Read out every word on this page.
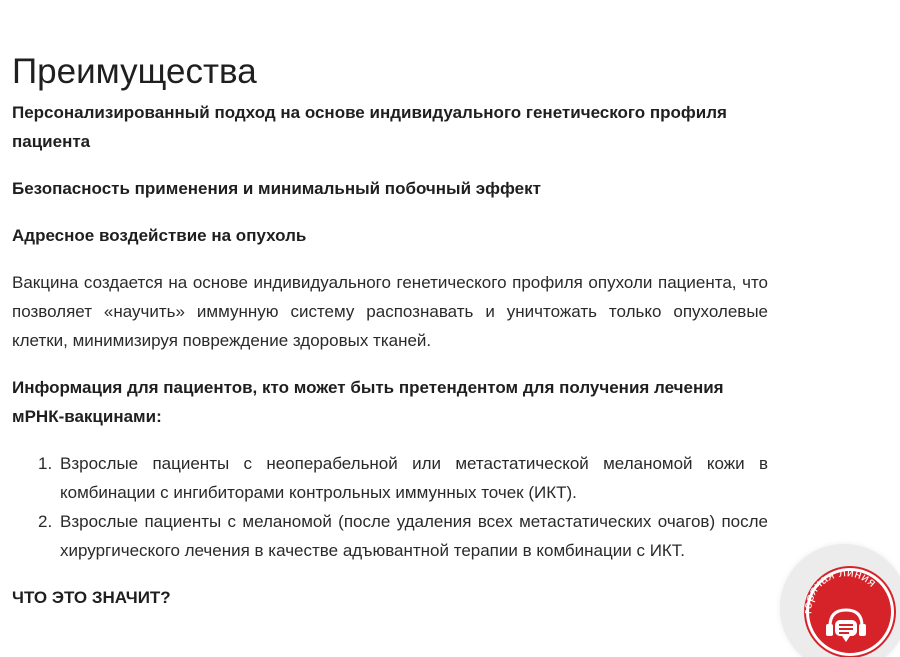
Преимущества

Персонализированный подход на основе индивидуального генетического профиля пациента

Безопасность применения и минимальный побочный эффект

Адресное воздействие на опухоль

Вакцина создается на основе индивидуального генетического профиля опухоли пациента, что позволяет «научить» иммунную систему распознавать и уничтожать только опухолевые клетки, минимизируя повреждение здоровых тканей.

Информация для пациентов, кто может быть претендентом для получения лечения мРНК-вакцинами:

1. Взрослые пациенты с неоперабельной или метастатической меланомой кожи в комбинации с ингибиторами контрольных иммунных точек (ИКТ).
2. Взрослые пациенты с меланомой (после удаления всех метастатических очагов) после хирургического лечения в качестве адъювантной терапии в комбинации с ИКТ.

ЧТО ЭТО ЗНАЧИТ?

горячая линия
